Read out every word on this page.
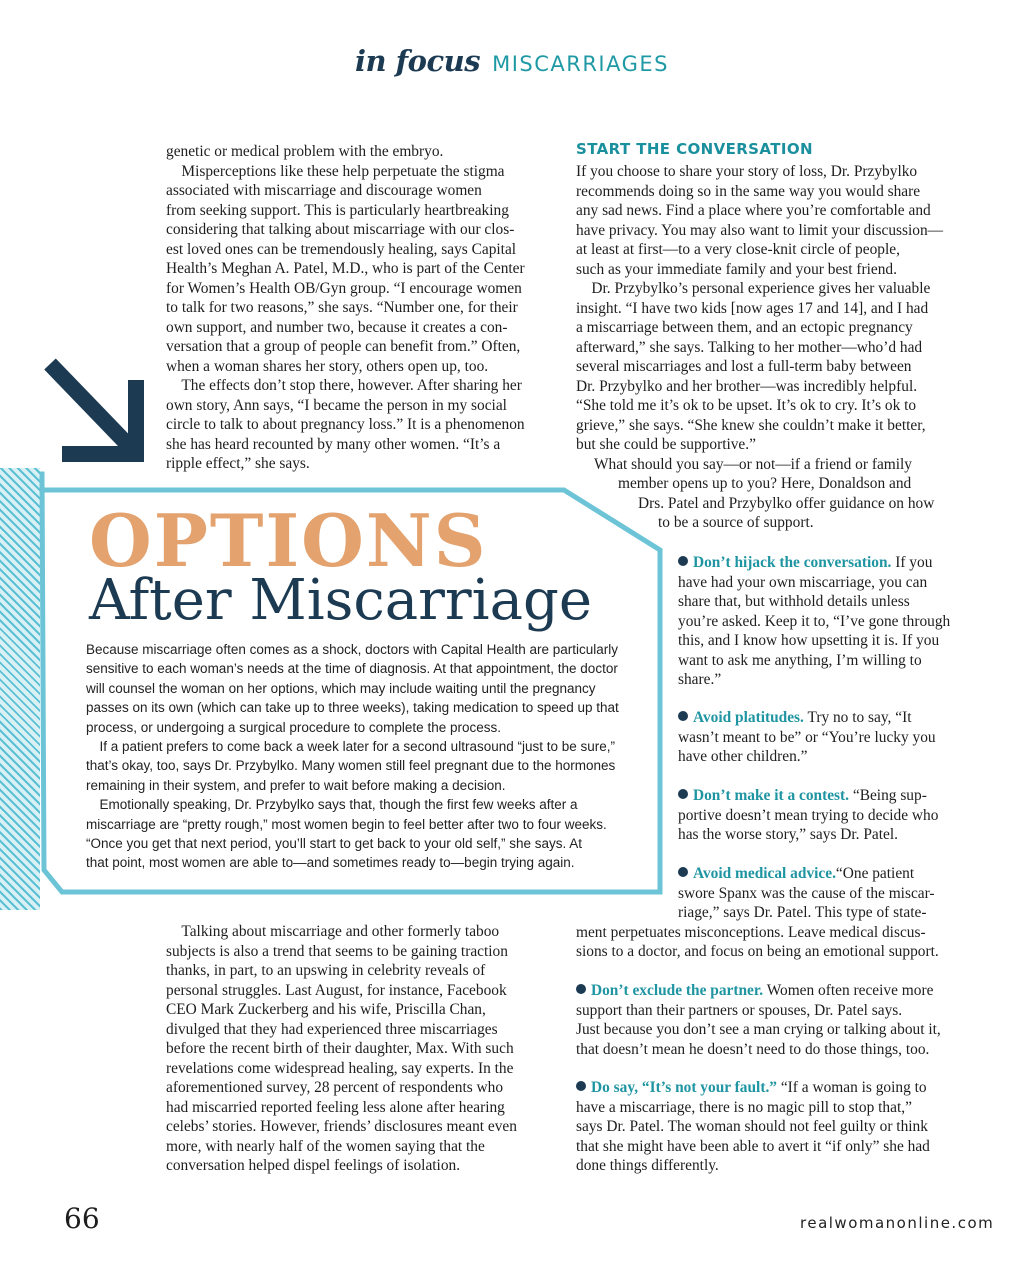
in focus MISCARRIAGES
genetic or medical problem with the embryo.
 Misperceptions like these help perpetuate the stigma
associated with miscarriage and discourage women
from seeking support. This is particularly heartbreaking
considering that talking about miscarriage with our clos-
est loved ones can be tremendously healing, says Capital
Health’s Meghan A. Patel, M.D., who is part of the Center
for Women’s Health OB/Gyn group. “I encourage women
to talk for two reasons,” she says. “Number one, for their
own support, and number two, because it creates a con-
versation that a group of people can benefit from.” Often,
when a woman shares her story, others open up, too.
 The effects don’t stop there, however. After sharing her
own story, Ann says, “I became the person in my social
circle to talk to about pregnancy loss.” It is a phenomenon
she has heard recounted by many other women. “It’s a
ripple effect,” she says.
START THE CONVERSATION
If you choose to share your story of loss, Dr. Przybylko
recommends doing so in the same way you would share
any sad news. Find a place where you’re comfortable and
have privacy. You may also want to limit your discussion—
at least at first—to a very close-knit circle of people,
such as your immediate family and your best friend.
 Dr. Przybylko’s personal experience gives her valuable
insight. “I have two kids [now ages 17 and 14], and I had
a miscarriage between them, and an ectopic pregnancy
afterward,” she says. Talking to her mother—who’d had
several miscarriages and lost a full-term baby between
Dr. Przybylko and her brother—was incredibly helpful.
“She told me it’s ok to be upset. It’s ok to cry. It’s ok to
grieve,” she says. “She knew she couldn’t make it better,
but she could be supportive.”
What should you say—or not—if a friend or family
member opens up to you? Here, Donaldson and
Drs. Patel and Przybylko offer guidance on how
to be a source of support.
OPTIONS
After Miscarriage
Because miscarriage often comes as a shock, doctors with Capital Health are particularly
sensitive to each woman’s needs at the time of diagnosis. At that appointment, the doctor
will counsel the woman on her options, which may include waiting until the pregnancy
passes on its own (which can take up to three weeks), taking medication to speed up that
process, or undergoing a surgical procedure to complete the process.
 If a patient prefers to come back a week later for a second ultrasound “just to be sure,”
that’s okay, too, says Dr. Przybylko. Many women still feel pregnant due to the hormones
remaining in their system, and prefer to wait before making a decision.
 Emotionally speaking, Dr. Przybylko says that, though the first few weeks after a
miscarriage are “pretty rough,” most women begin to feel better after two to four weeks.
“Once you get that next period, you’ll start to get back to your old self,” she says. At
that point, most women are able to—and sometimes ready to—begin trying again.
Don’t hijack the conversation. If you
have had your own miscarriage, you can
share that, but withhold details unless
you’re asked. Keep it to, “I’ve gone through
this, and I know how upsetting it is. If you
want to ask me anything, I’m willing to
share.”
Avoid platitudes. Try no to say, “It
wasn’t meant to be” or “You’re lucky you
have other children.”
Don’t make it a contest. “Being sup-
portive doesn’t mean trying to decide who
has the worse story,” says Dr. Patel.
Avoid medical advice.“One patient
swore Spanx was the cause of the miscar-
riage,” says Dr. Patel. This type of state-
ment perpetuates misconceptions. Leave medical discus-
sions to a doctor, and focus on being an emotional support.
Don’t exclude the partner. Women often receive more
support than their partners or spouses, Dr. Patel says.
Just because you don’t see a man crying or talking about it,
that doesn’t mean he doesn’t need to do those things, too.
Do say, “It’s not your fault.” “If a woman is going to
have a miscarriage, there is no magic pill to stop that,”
says Dr. Patel. The woman should not feel guilty or think
that she might have been able to avert it “if only” she had
done things differently.
 Talking about miscarriage and other formerly taboo
subjects is also a trend that seems to be gaining traction
thanks, in part, to an upswing in celebrity reveals of
personal struggles. Last August, for instance, Facebook
CEO Mark Zuckerberg and his wife, Priscilla Chan,
divulged that they had experienced three miscarriages
before the recent birth of their daughter, Max. With such
revelations come widespread healing, say experts. In the
aforementioned survey, 28 percent of respondents who
had miscarried reported feeling less alone after hearing
celebs’ stories. However, friends’ disclosures meant even
more, with nearly half of the women saying that the
conversation helped dispel feelings of isolation.
66	realwomanonline.com
